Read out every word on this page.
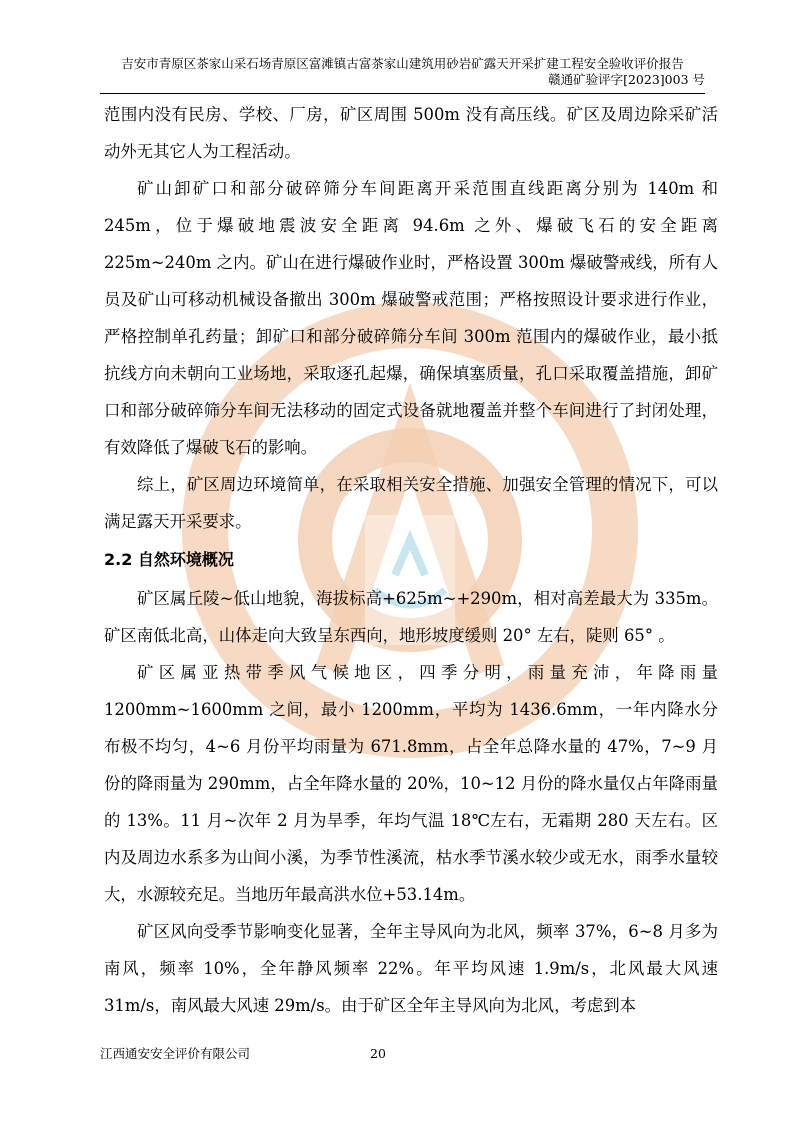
吉安市青原区茶家山采石场青原区富滩镇古富茶家山建筑用砂岩矿露天开采扩建工程安全验收评价报告
赣通矿验评字[2023]003 号

范围内没有民房、学校、厂房，矿区周围 500m 没有高压线。矿区及周边除采矿活动外无其它人为工程活动。

矿山卸矿口和部分破碎筛分车间距离开采范围直线距离分别为 140m 和 245m，位于爆破地震波安全距离 94.6m 之外、爆破飞石的安全距离 225m~240m 之内。矿山在进行爆破作业时，严格设置 300m 爆破警戒线，所有人员及矿山可移动机械设备撤出 300m 爆破警戒范围；严格按照设计要求进行作业，严格控制单孔药量；卸矿口和部分破碎筛分车间 300m 范围内的爆破作业，最小抵抗线方向未朝向工业场地，采取逐孔起爆，确保填塞质量，孔口采取覆盖措施，卸矿口和部分破碎筛分车间无法移动的固定式设备就地覆盖并整个车间进行了封闭处理，有效降低了爆破飞石的影响。

综上，矿区周边环境简单，在采取相关安全措施、加强安全管理的情况下，可以满足露天开采要求。

2.2 自然环境概况

矿区属丘陵~低山地貌，海拔标高+625m~+290m，相对高差最大为 335m。矿区南低北高，山体走向大致呈东西向，地形坡度缓则 20° 左右，陡则 65° 。

矿区属亚热带季风气候地区，四季分明，雨量充沛，年降雨量 1200mm~1600mm 之间，最小 1200mm，平均为 1436.6mm，一年内降水分布极不均匀，4~6 月份平均雨量为 671.8mm，占全年总降水量的 47%，7~9 月份的降雨量为 290mm，占全年降水量的 20%，10~12 月份的降水量仅占年降雨量的 13%。11 月~次年 2 月为旱季，年均气温 18℃左右，无霜期 280 天左右。区内及周边水系多为山间小溪，为季节性溪流，枯水季节溪水较少或无水，雨季水量较大，水源较充足。当地历年最高洪水位+53.14m。

矿区风向受季节影响变化显著，全年主导风向为北风，频率 37%，6~8 月多为南风，频率 10%，全年静风频率 22%。年平均风速 1.9m/s，北风最大风速 31m/s，南风最大风速 29m/s。由于矿区全年主导风向为北风，考虑到本

江西通安安全评价有限公司	20
